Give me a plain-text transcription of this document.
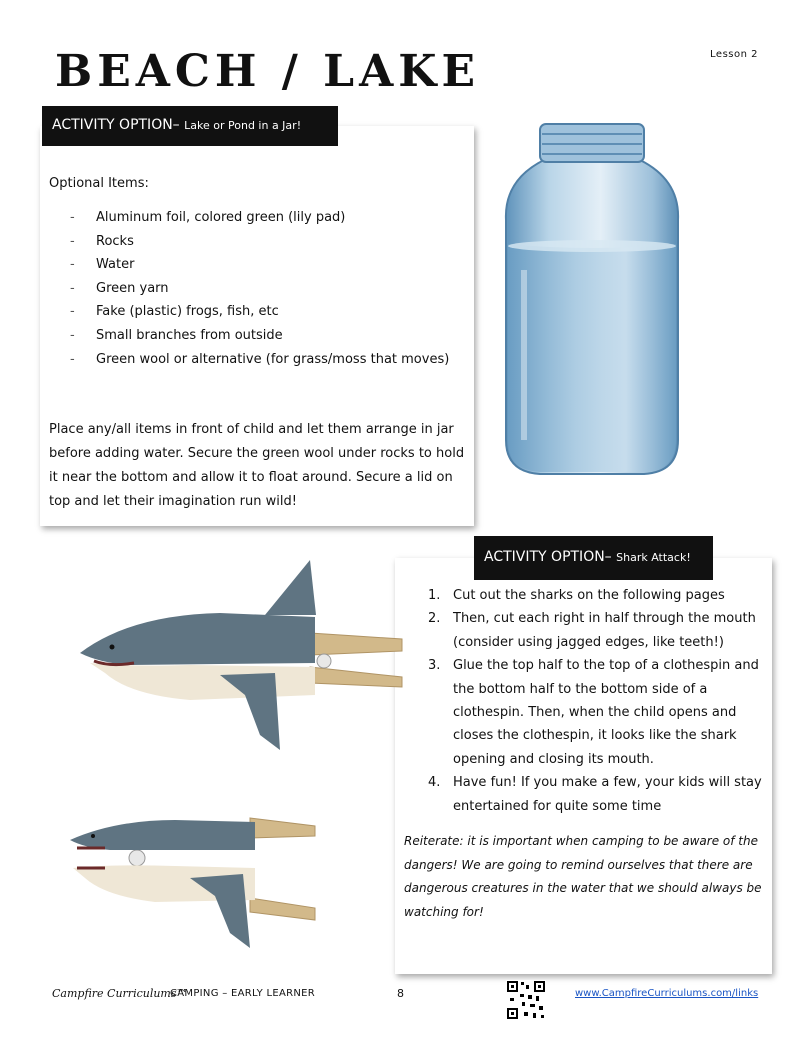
BEACH / LAKE	Lesson 2
ACTIVITY OPTION– Lake or Pond in a Jar!
Optional Items:
-	Aluminum foil, colored green (lily pad)
-	Rocks
-	Water
-	Green yarn
-	Fake (plastic) frogs, fish, etc
-	Small branches from outside
-	Green wool or alternative (for grass/moss that moves)

Place any/all items in front of child and let them arrange in jar before adding water. Secure the green wool under rocks to hold it near the bottom and allow it to float around. Secure a lid on top and let their imagination run wild!

ACTIVITY OPTION– Shark Attack!
1. Cut out the sharks on the following pages
2. Then, cut each right in half through the mouth (consider using jagged edges, like teeth!)
3. Glue the top half to the top of a clothespin and the bottom half to the bottom side of a clothespin. Then, when the child opens and closes the clothespin, it looks like the shark opening and closing its mouth.
4. Have fun! If you make a few, your kids will stay entertained for quite some time

Reiterate: it is important when camping to be aware of the dangers! We are going to remind ourselves that there are dangerous creatures in the water that we should always be watching for!

Campfire Curriculums™
CAMPING – EARLY LEARNER	8	www.CampfireCurriculums.com/links
